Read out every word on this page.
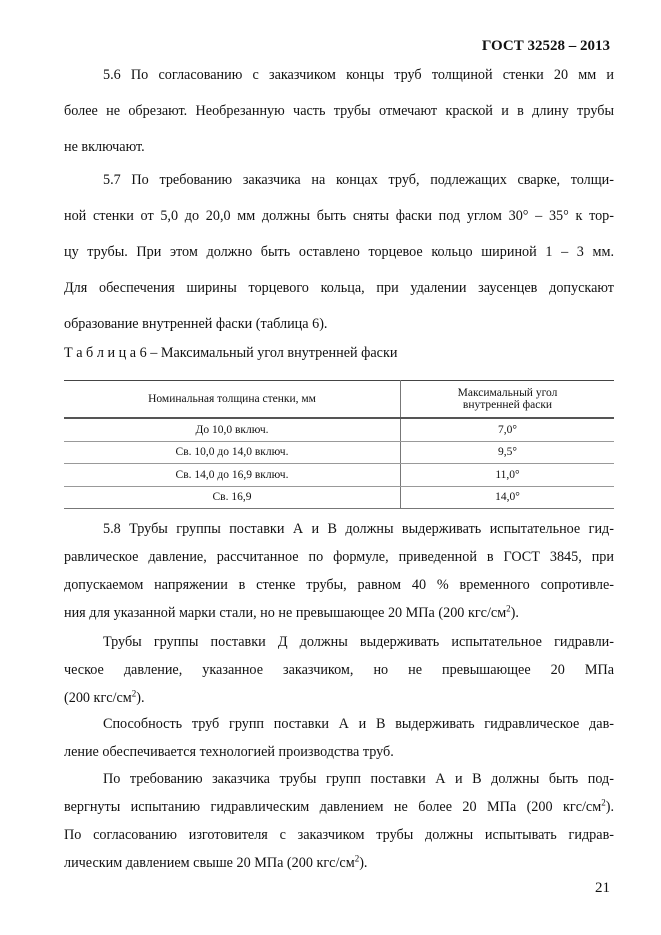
ГОСТ 32528 – 2013
5.6 По согласованию с заказчиком концы труб толщиной стенки 20 мм и
более не обрезают. Необрезанную часть трубы отмечают краской и в длину трубы
не включают.
5.7 По требованию заказчика на концах труб, подлежащих сварке, толщи-
ной стенки от 5,0 до 20,0 мм должны быть сняты фаски под углом 30° – 35° к тор-
цу трубы. При этом должно быть оставлено торцевое кольцо шириной 1 – 3 мм.
Для обеспечения ширины торцевого кольца, при удалении заусенцев допускают
образование внутренней фаски (таблица 6).
Т а б л и ц а 6 – Максимальный угол внутренней фаски
Номинальная толщина стенки, мм	Максимальный угол
внутренней фаски
До 10,0 включ.	7,0°
Св. 10,0 до 14,0 включ.	9,5°
Св. 14,0 до 16,9 включ.	11,0°
Св. 16,9	14,0°
5.8 Трубы группы поставки А и В должны выдерживать испытательное гид-
равлическое давление, рассчитанное по формуле, приведенной в ГОСТ 3845, при
допускаемом напряжении в стенке трубы, равном 40 % временного сопротивле-
ния для указанной марки стали, но не превышающее 20 МПа (200 кгс/$см^2$).
Трубы группы поставки Д должны выдерживать испытательное гидравли-
ческое давление, указанное заказчиком, но не превышающее 20 МПа
(200 кгс/$см^2$).
Способность труб групп поставки А и В выдерживать гидравлическое дав-
ление обеспечивается технологией производства труб.
По требованию заказчика трубы групп поставки А и В должны быть под-
вергнуты испытанию гидравлическим давлением не более 20 МПа (200 кгс/$см^2$).
По согласованию изготовителя с заказчиком трубы должны испытывать гидрав-
лическим давлением свыше 20 МПа (200 кгс/$см^2$).
21
